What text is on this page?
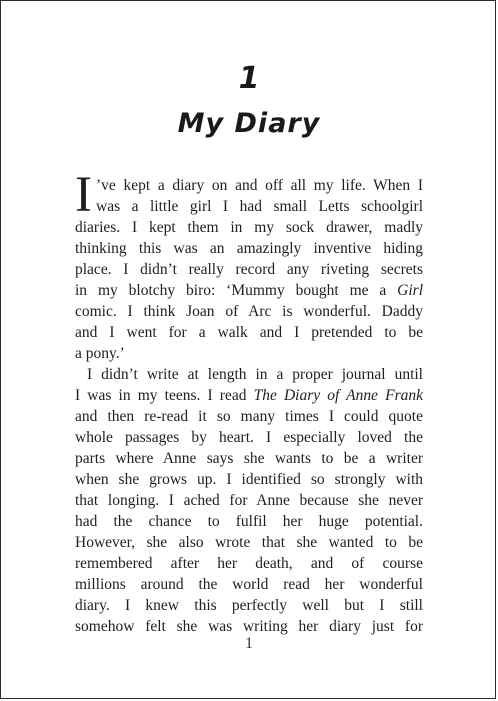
1
My Diary
I ’ve kept a diary on and off all my life. When I
was a little girl I had small Letts schoolgirl
diaries. I kept them in my sock drawer, madly
thinking this was an amazingly inventive hiding
place. I didn’t really record any riveting secrets
in my blotchy biro: ‘Mummy bought me a Girl
comic. I think Joan of Arc is wonderful. Daddy
and I went for a walk and I pretended to be
a pony.’
I didn’t write at length in a proper journal until
I was in my teens. I read The Diary of Anne Frank
and then re-read it so many times I could quote
whole passages by heart. I especially loved the
parts where Anne says she wants to be a writer
when she grows up. I identified so strongly with
that longing. I ached for Anne because she never
had the chance to fulfil her huge potential.
However, she also wrote that she wanted to be
remembered after her death, and of course
millions around the world read her wonderful
diary. I knew this perfectly well but I still
somehow felt she was writing her diary just for
1
